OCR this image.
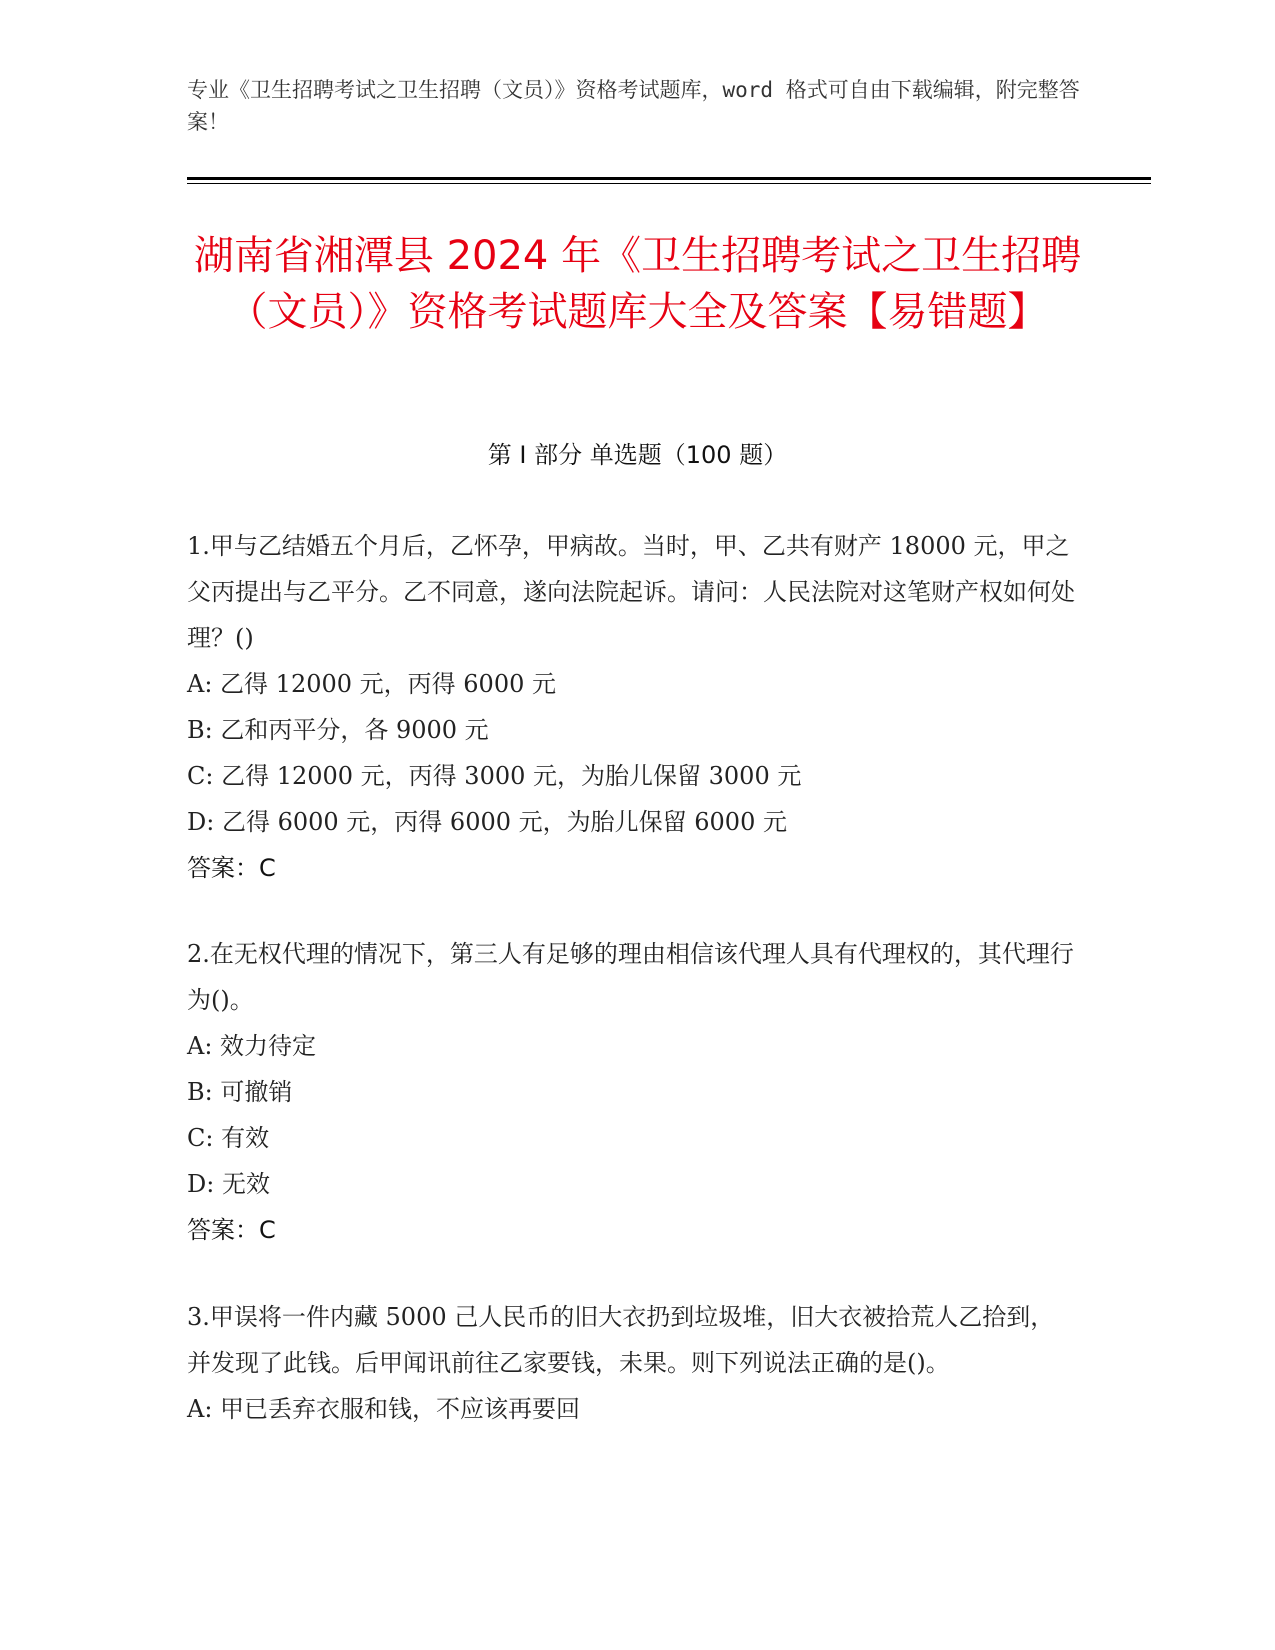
专业《卫生招聘考试之卫生招聘（文员）》资格考试题库，word 格式可自由下载编辑，附完整答案！
湖南省湘潭县 2024 年《卫生招聘考试之卫生招聘（文员）》资格考试题库大全及答案【易错题】
第 I 部分 单选题（100 题）

1.甲与乙结婚五个月后，乙怀孕，甲病故。当时，甲、乙共有财产 18000 元，甲之父丙提出与乙平分。乙不同意，遂向法院起诉。请问：人民法院对这笔财产权如何处理？()

A: 乙得 12000 元，丙得 6000 元

B: 乙和丙平分，各 9000 元

C: 乙得 12000 元，丙得 3000 元，为胎儿保留 3000 元

D: 乙得 6000 元，丙得 6000 元，为胎儿保留 6000 元

答案：C

2.在无权代理的情况下，第三人有足够的理由相信该代理人具有代理权的，其代理行为()。

A: 效力待定

B: 可撤销

C: 有效

D: 无效

答案：C

3.甲误将一件内藏 5000 己人民币的旧大衣扔到垃圾堆，旧大衣被拾荒人乙拾到，并发现了此钱。后甲闻讯前往乙家要钱，未果。则下列说法正确的是()。

A: 甲已丢弃衣服和钱，不应该再要回
